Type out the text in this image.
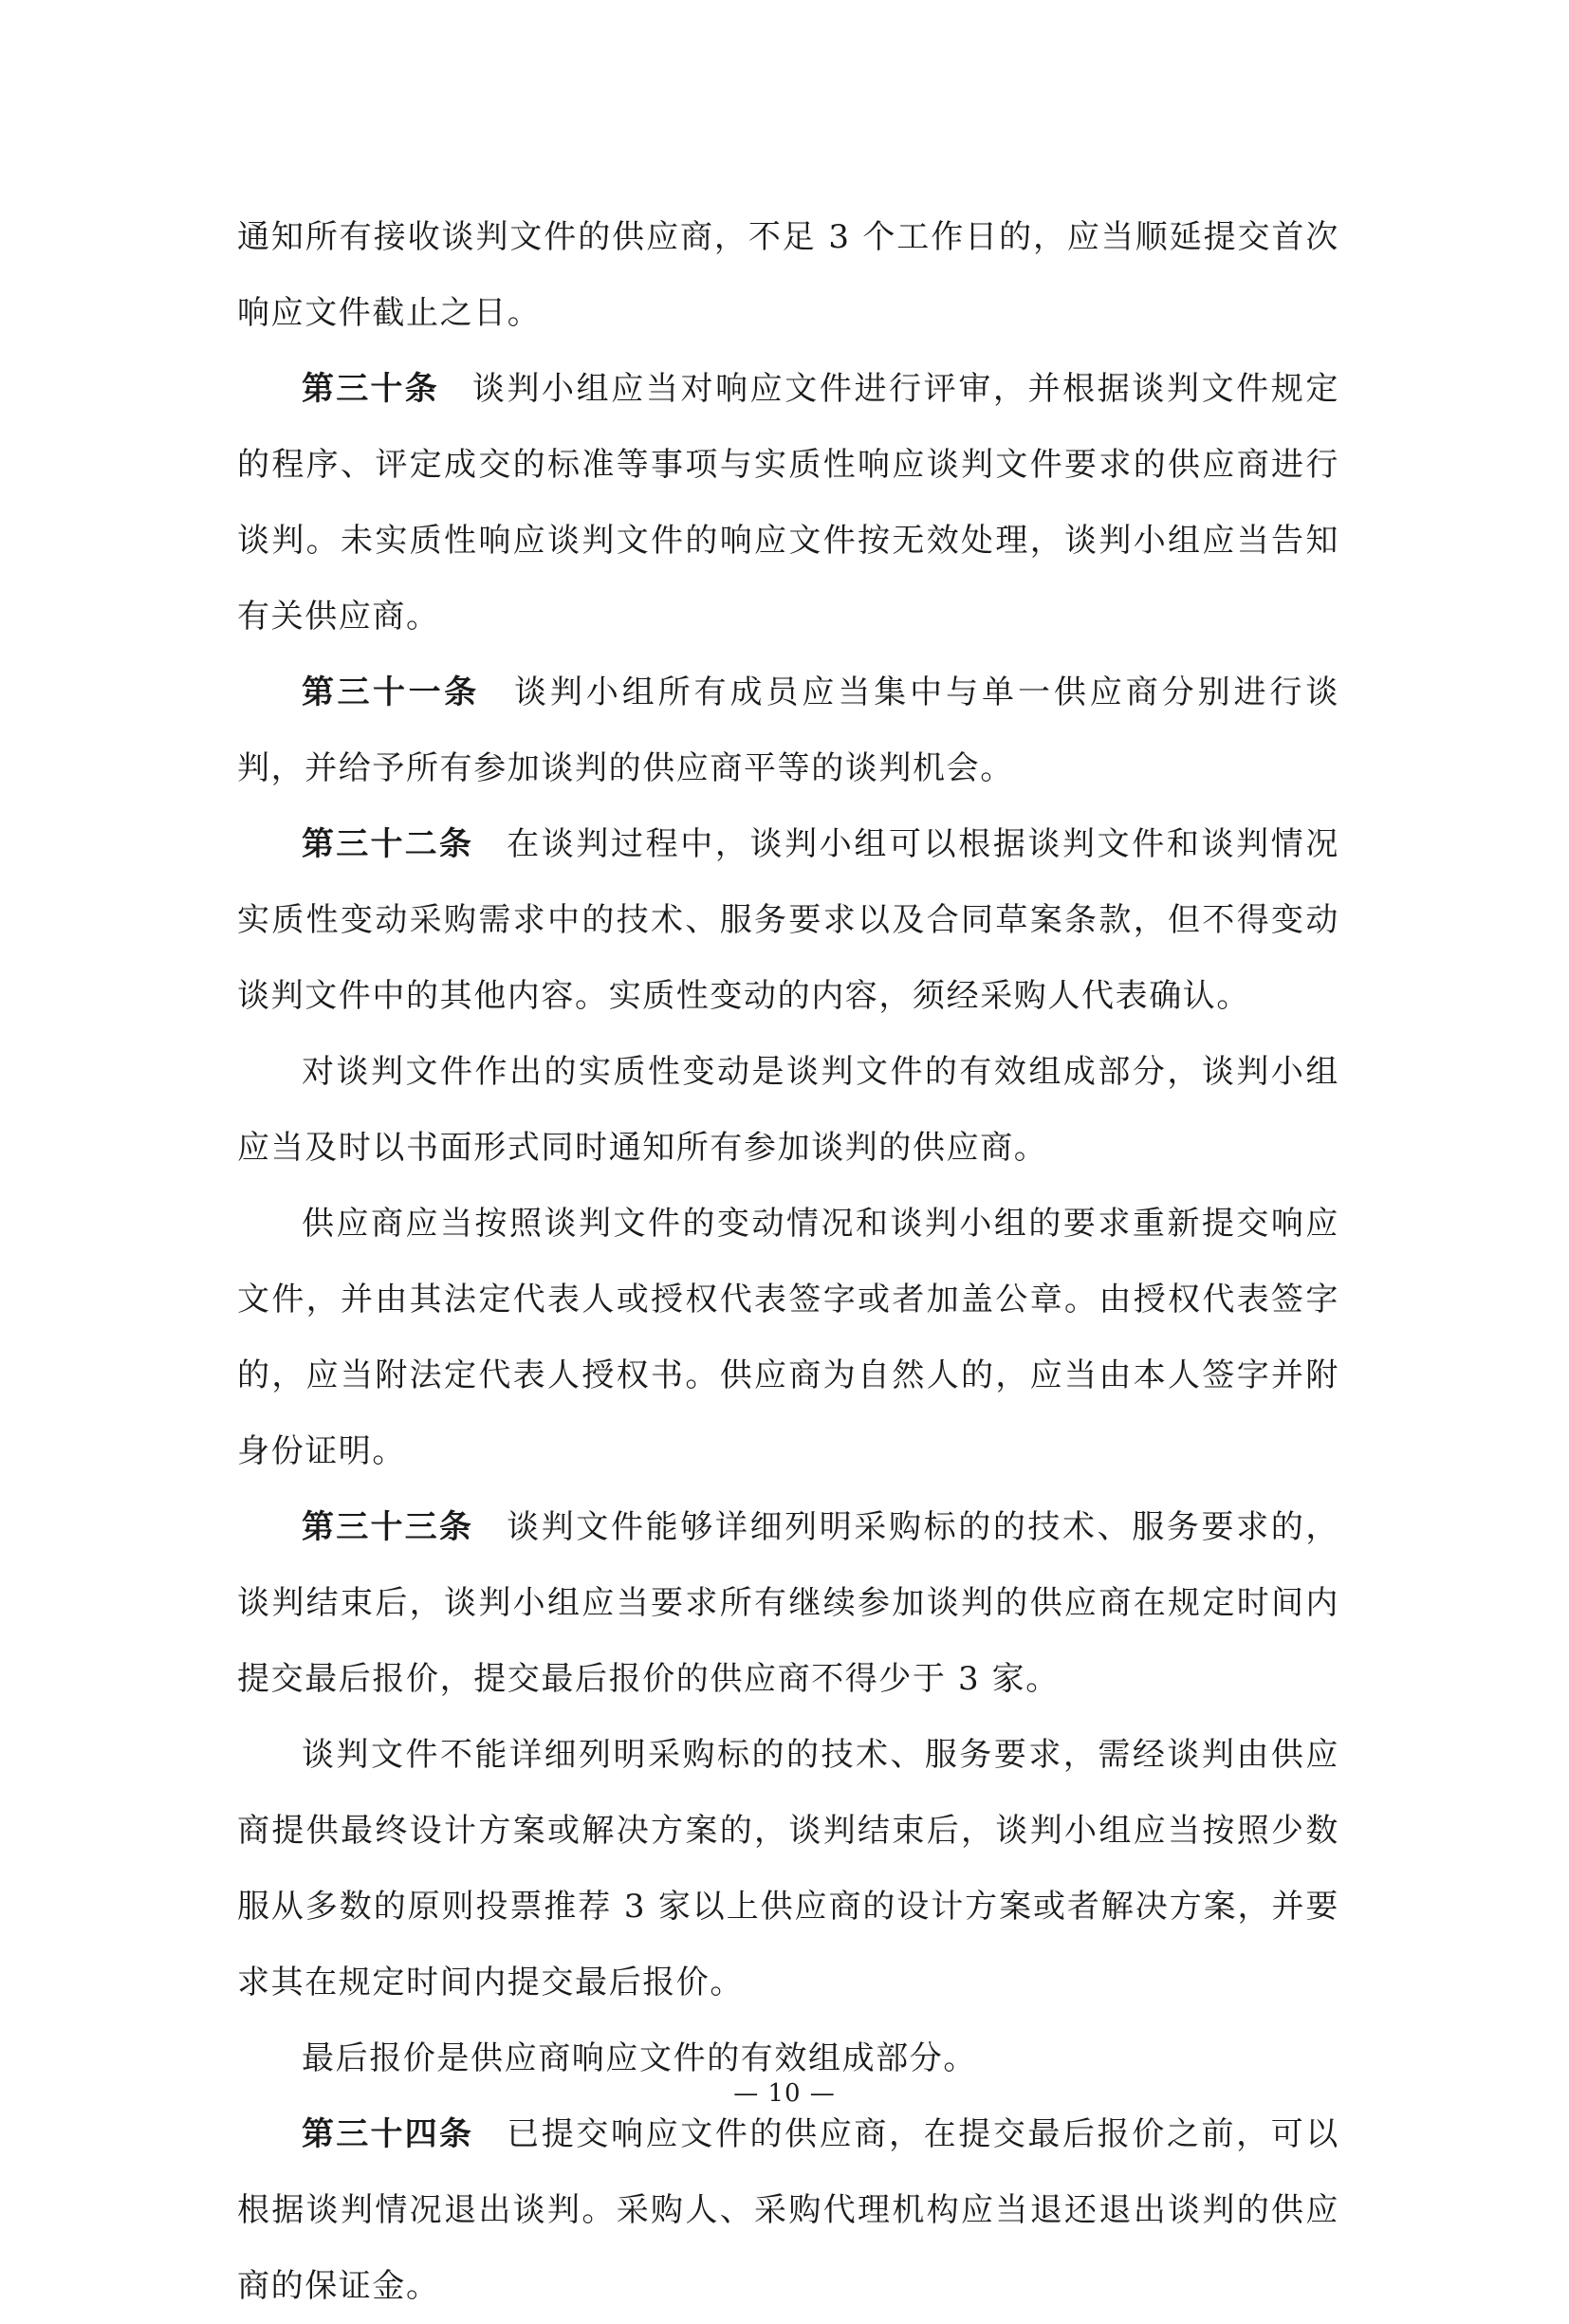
通知所有接收谈判文件的供应商，不足 3 个工作日的，应当顺延提交首次响应文件截止之日。

第三十条 谈判小组应当对响应文件进行评审，并根据谈判文件规定的程序、评定成交的标准等事项与实质性响应谈判文件要求的供应商进行谈判。未实质性响应谈判文件的响应文件按无效处理，谈判小组应当告知有关供应商。

第三十一条 谈判小组所有成员应当集中与单一供应商分别进行谈判，并给予所有参加谈判的供应商平等的谈判机会。

第三十二条 在谈判过程中，谈判小组可以根据谈判文件和谈判情况实质性变动采购需求中的技术、服务要求以及合同草案条款，但不得变动谈判文件中的其他内容。实质性变动的内容，须经采购人代表确认。

对谈判文件作出的实质性变动是谈判文件的有效组成部分，谈判小组应当及时以书面形式同时通知所有参加谈判的供应商。

供应商应当按照谈判文件的变动情况和谈判小组的要求重新提交响应文件，并由其法定代表人或授权代表签字或者加盖公章。由授权代表签字的，应当附法定代表人授权书。供应商为自然人的，应当由本人签字并附身份证明。

第三十三条 谈判文件能够详细列明采购标的的技术、服务要求的，谈判结束后，谈判小组应当要求所有继续参加谈判的供应商在规定时间内提交最后报价，提交最后报价的供应商不得少于 3 家。

谈判文件不能详细列明采购标的的技术、服务要求，需经谈判由供应商提供最终设计方案或解决方案的，谈判结束后，谈判小组应当按照少数服从多数的原则投票推荐 3 家以上供应商的设计方案或者解决方案，并要求其在规定时间内提交最后报价。

最后报价是供应商响应文件的有效组成部分。

第三十四条 已提交响应文件的供应商，在提交最后报价之前，可以根据谈判情况退出谈判。采购人、采购代理机构应当退还退出谈判的供应商的保证金。

— 10 —
